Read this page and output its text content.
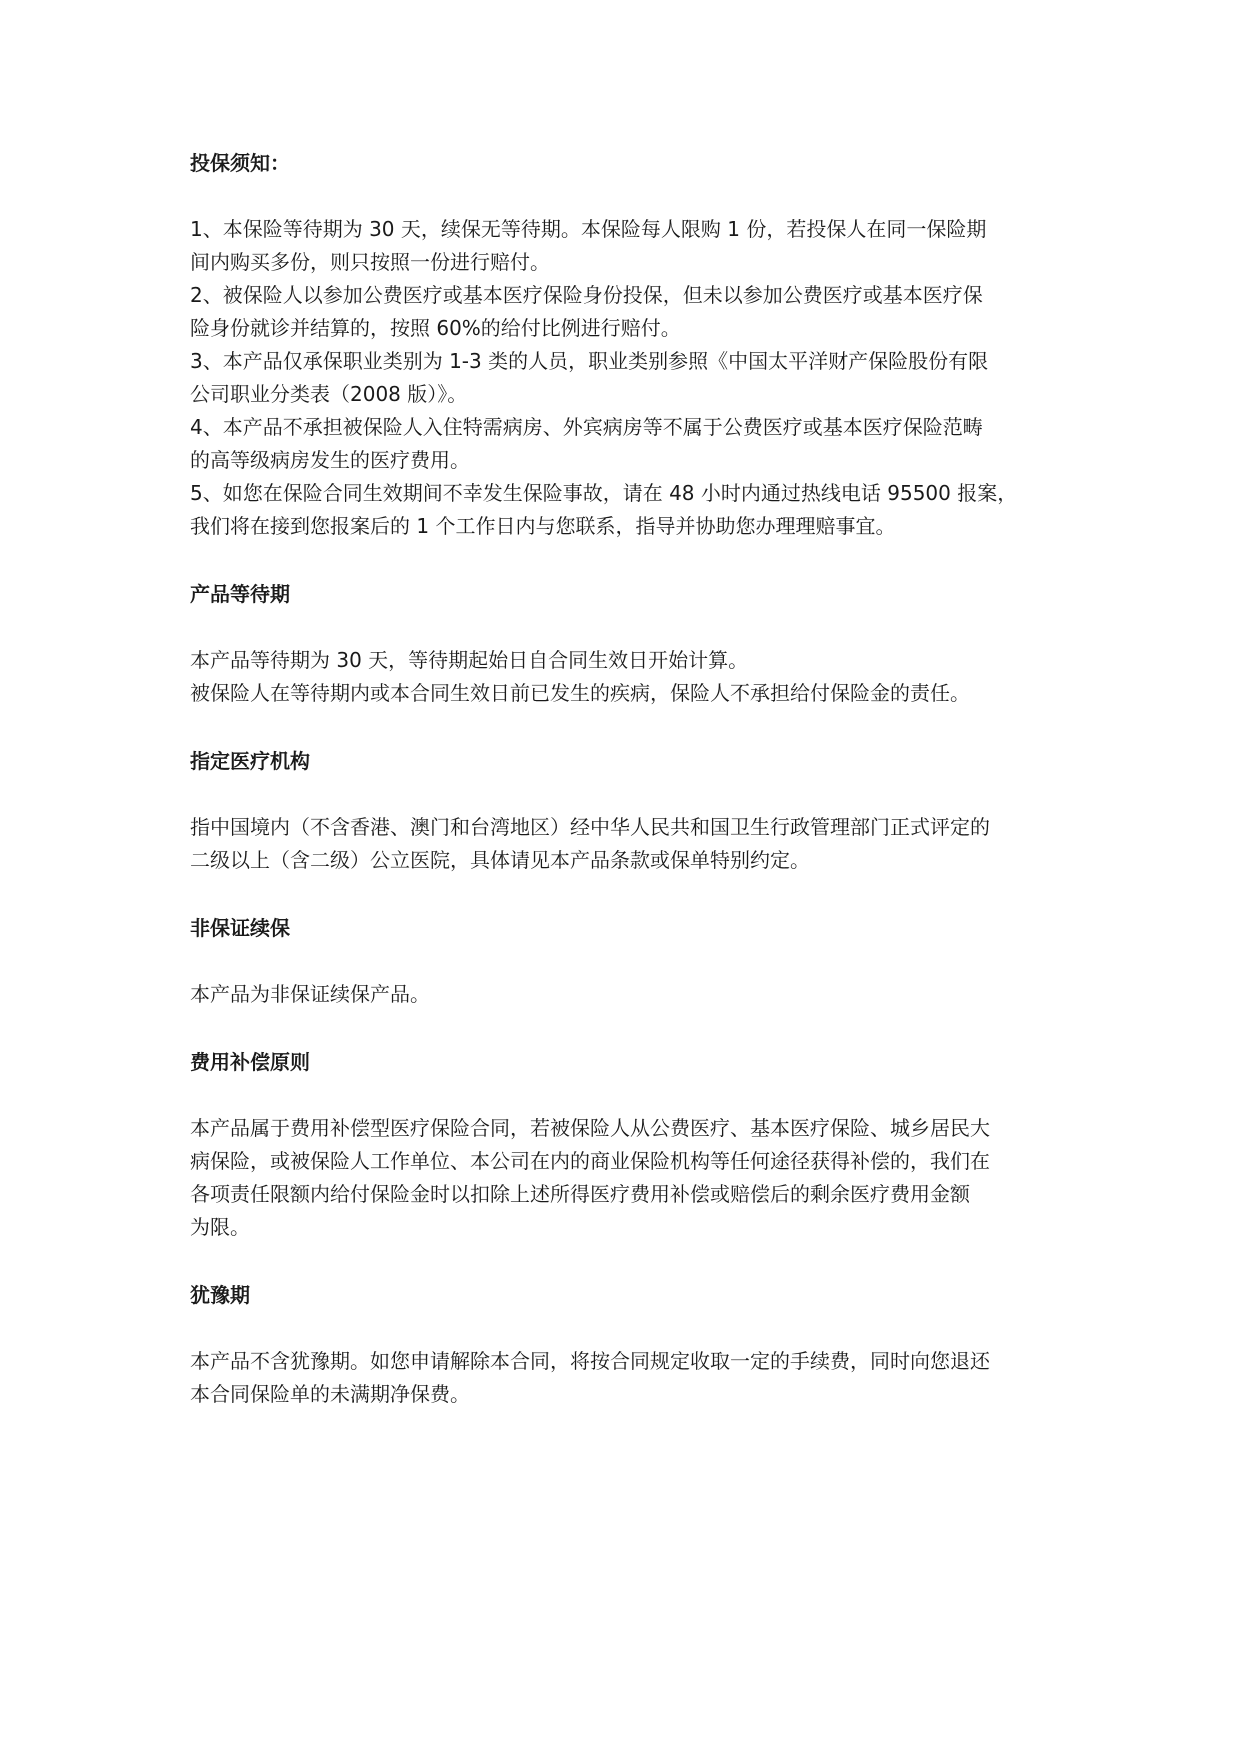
投保须知：

1、本保险等待期为 30 天，续保无等待期。本保险每人限购 1 份，若投保人在同一保险期
间内购买多份，则只按照一份进行赔付。
2、被保险人以参加公费医疗或基本医疗保险身份投保，但未以参加公费医疗或基本医疗保
险身份就诊并结算的，按照 60%的给付比例进行赔付。
3、本产品仅承保职业类别为 1-3 类的人员，职业类别参照《中国太平洋财产保险股份有限
公司职业分类表（2008 版）》。
4、本产品不承担被保险人入住特需病房、外宾病房等不属于公费医疗或基本医疗保险范畴
的高等级病房发生的医疗费用。
5、如您在保险合同生效期间不幸发生保险事故，请在 48 小时内通过热线电话 95500 报案，
我们将在接到您报案后的 1 个工作日内与您联系，指导并协助您办理理赔事宜。

产品等待期

本产品等待期为 30 天，等待期起始日自合同生效日开始计算。
被保险人在等待期内或本合同生效日前已发生的疾病，保险人不承担给付保险金的责任。

指定医疗机构

指中国境内（不含香港、澳门和台湾地区）经中华人民共和国卫生行政管理部门正式评定的
二级以上（含二级）公立医院，具体请见本产品条款或保单特别约定。

非保证续保

本产品为非保证续保产品。

费用补偿原则

本产品属于费用补偿型医疗保险合同，若被保险人从公费医疗、基本医疗保险、城乡居民大
病保险，或被保险人工作单位、本公司在内的商业保险机构等任何途径获得补偿的，我们在
各项责任限额内给付保险金时以扣除上述所得医疗费用补偿或赔偿后的剩余医疗费用金额
为限。

犹豫期

本产品不含犹豫期。如您申请解除本合同，将按合同规定收取一定的手续费，同时向您退还
本合同保险单的未满期净保费。
